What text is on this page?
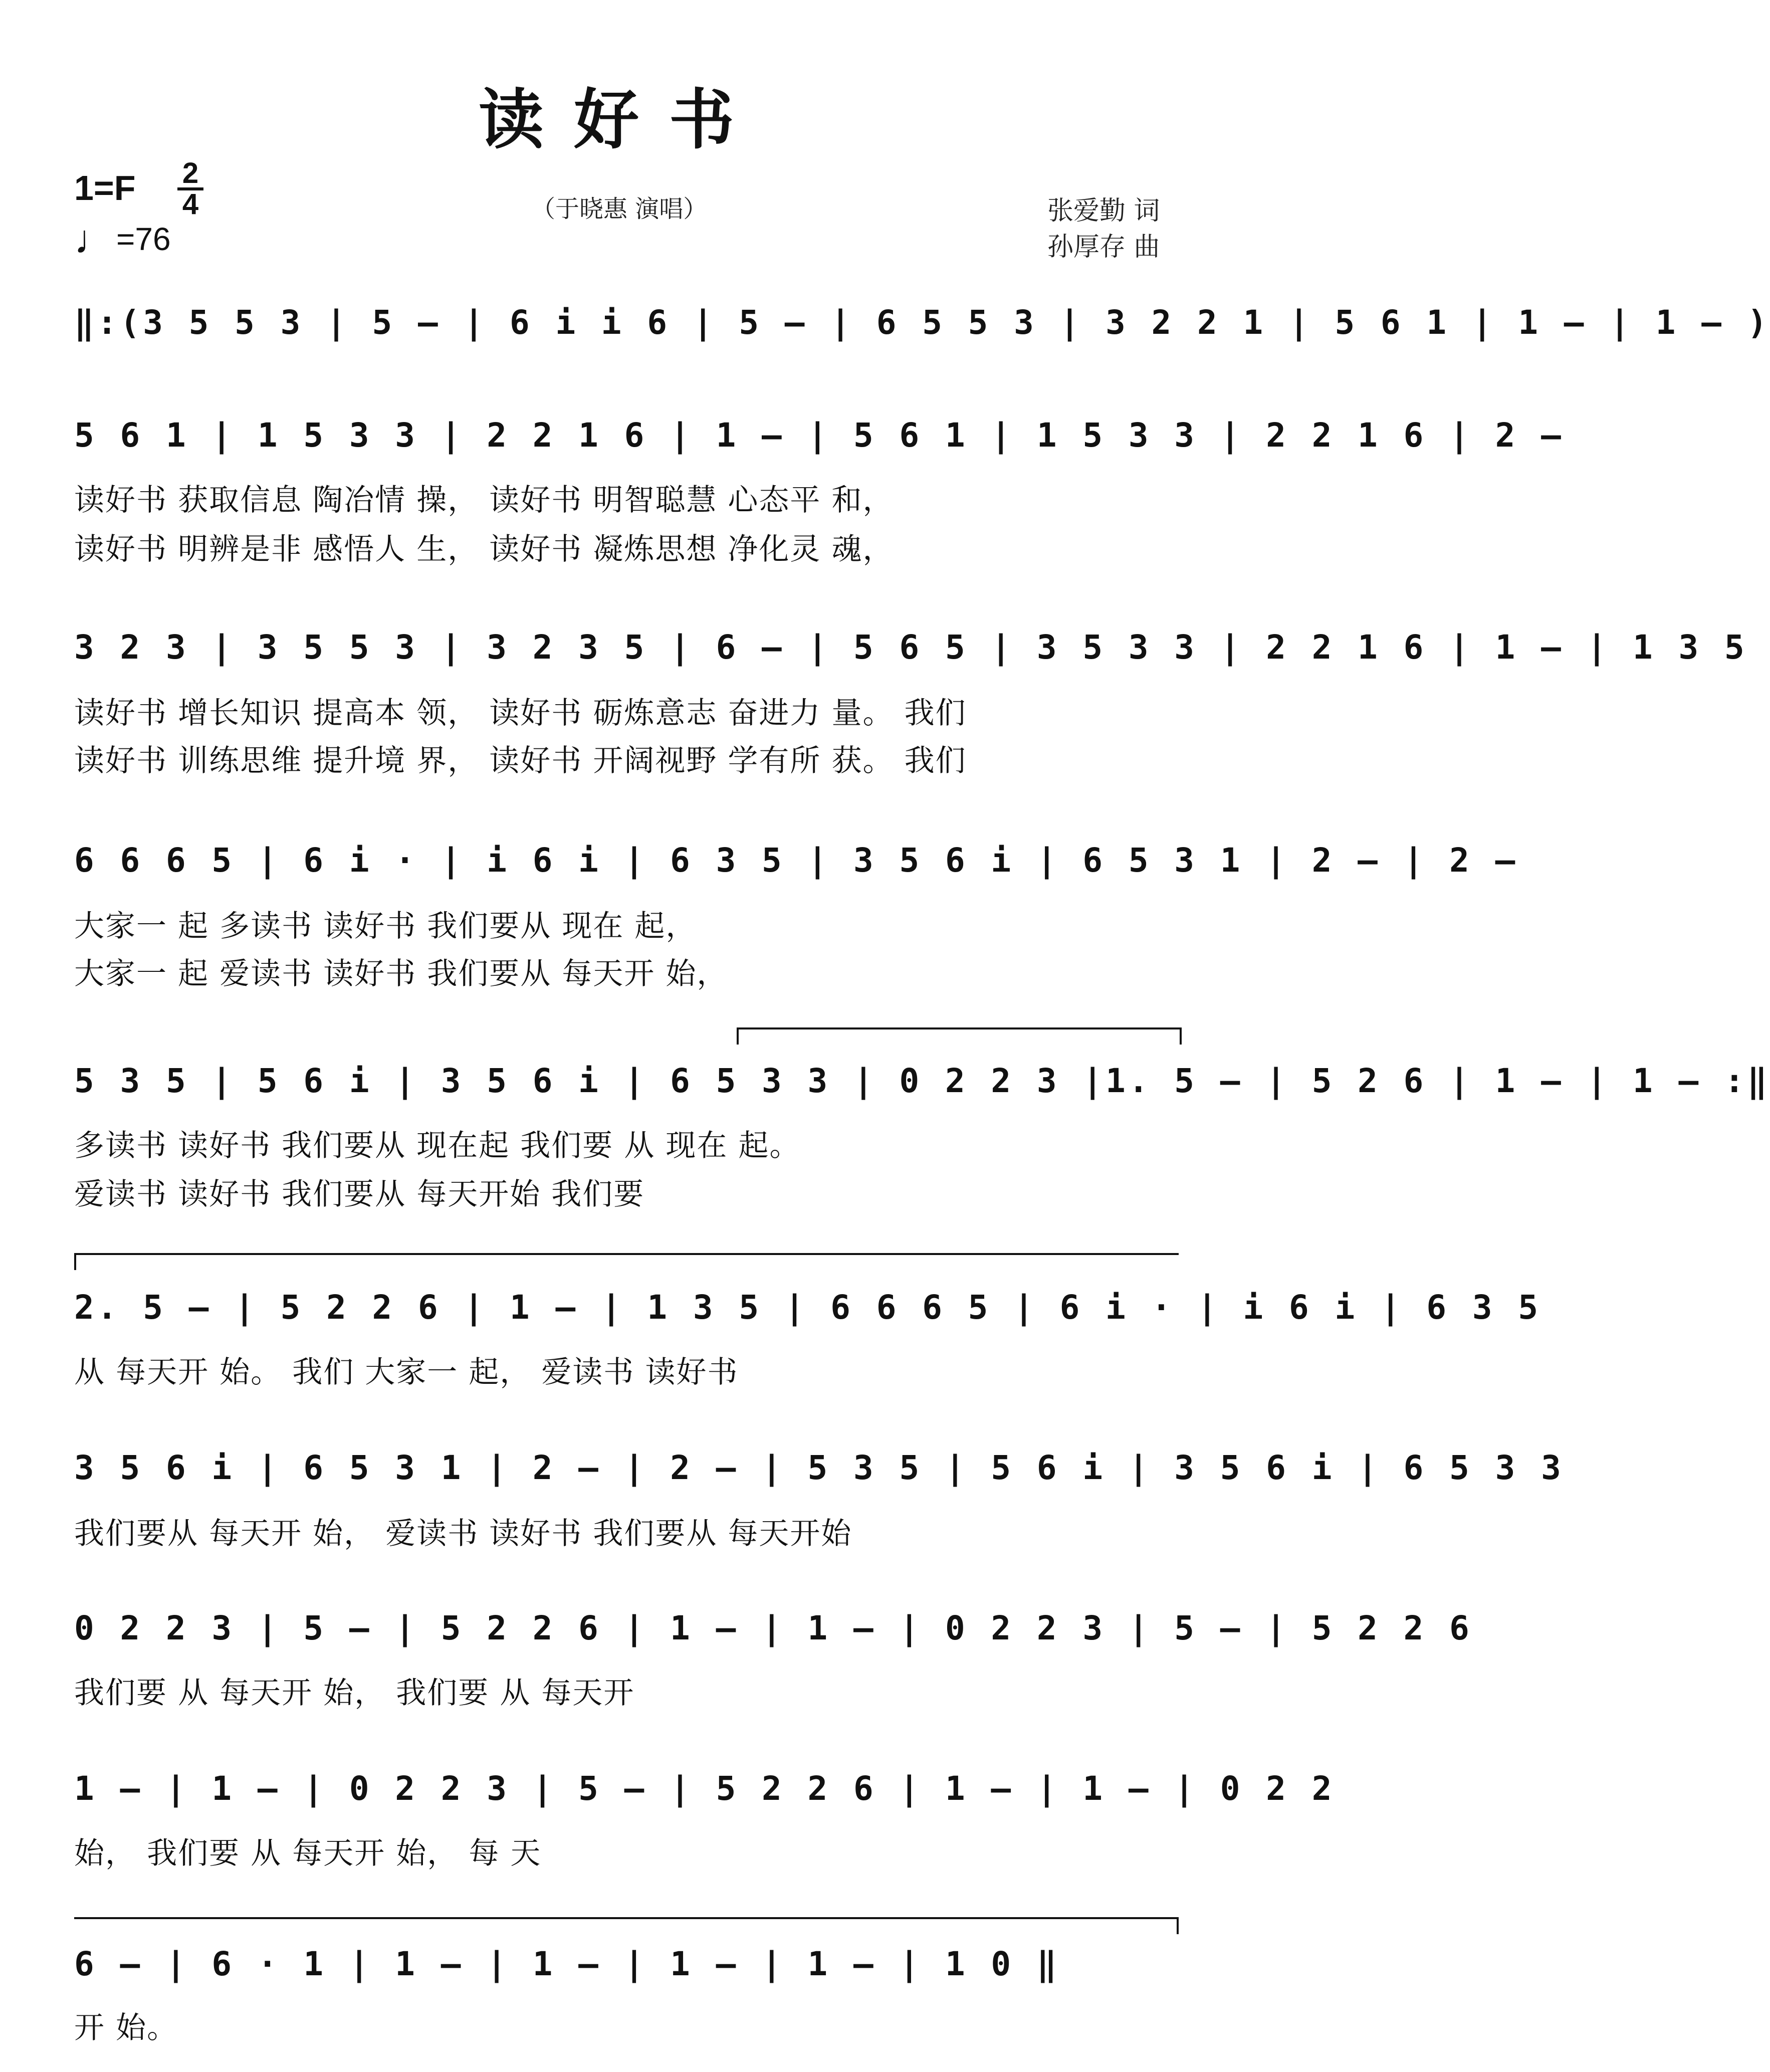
读好书
1=F 2
4
♩=76
（于晓惠 演唱）	张爱勤 词
孙厚存 曲
‖:(3 5 5 3 | 5 – | 6 i i 6 | 5 – | 6 5 5 3 | 3 2 2 1 | 5 6 1 | 1 – | 1 – )
5 6 1 | 1 5 3 3 | 2 2 1 6 | 1 – | 5 6 1 | 1 5 3 3 | 2 2 1 6 | 2 –
读好书 获取信息 陶冶情 操， 读好书 明智聪慧 心态平 和，
读好书 明辨是非 感悟人 生， 读好书 凝炼思想 净化灵 魂，
3 2 3 | 3 5 5 3 | 3 2 3 5 | 6 – | 5 6 5 | 3 5 3 3 | 2 2 1 6 | 1 – | 1 3 5
读好书 增长知识 提高本 领， 读好书 砺炼意志 奋进力 量。 我们
读好书 训练思维 提升境 界， 读好书 开阔视野 学有所 获。 我们
6 6 6 5 | 6 i · | i 6 i | 6 3 5 | 3 5 6 i | 6 5 3 1 | 2 – | 2 –
大家一 起 多读书 读好书 我们要从 现在 起，
大家一 起 爱读书 读好书 我们要从 每天开 始，
5 3 5 | 5 6 i | 3 5 6 i | 6 5 3 3 | 0 2 2 3 |1. 5 – | 5 2 6 | 1 – | 1 – :‖
多读书 读好书 我们要从 现在起 我们要 从 现在 起。
爱读书 读好书 我们要从 每天开始 我们要
2. 5 – | 5 2 2 6 | 1 – | 1 3 5 | 6 6 6 5 | 6 i · | i 6 i | 6 3 5
从 每天开 始。 我们 大家一 起， 爱读书 读好书
3 5 6 i | 6 5 3 1 | 2 – | 2 – | 5 3 5 | 5 6 i | 3 5 6 i | 6 5 3 3
我们要从 每天开 始， 爱读书 读好书 我们要从 每天开始
0 2 2 3 | 5 – | 5 2 2 6 | 1 – | 1 – | 0 2 2 3 | 5 – | 5 2 2 6
我们要 从 每天开 始， 我们要 从 每天开
1 – | 1 – | 0 2 2 3 | 5 – | 5 2 2 6 | 1 – | 1 – | 0 2 2
始， 我们要 从 每天开 始， 每 天
6 – | 6 · 1 | 1 – | 1 – | 1 – | 1 – | 1 0 ‖
开 始。
